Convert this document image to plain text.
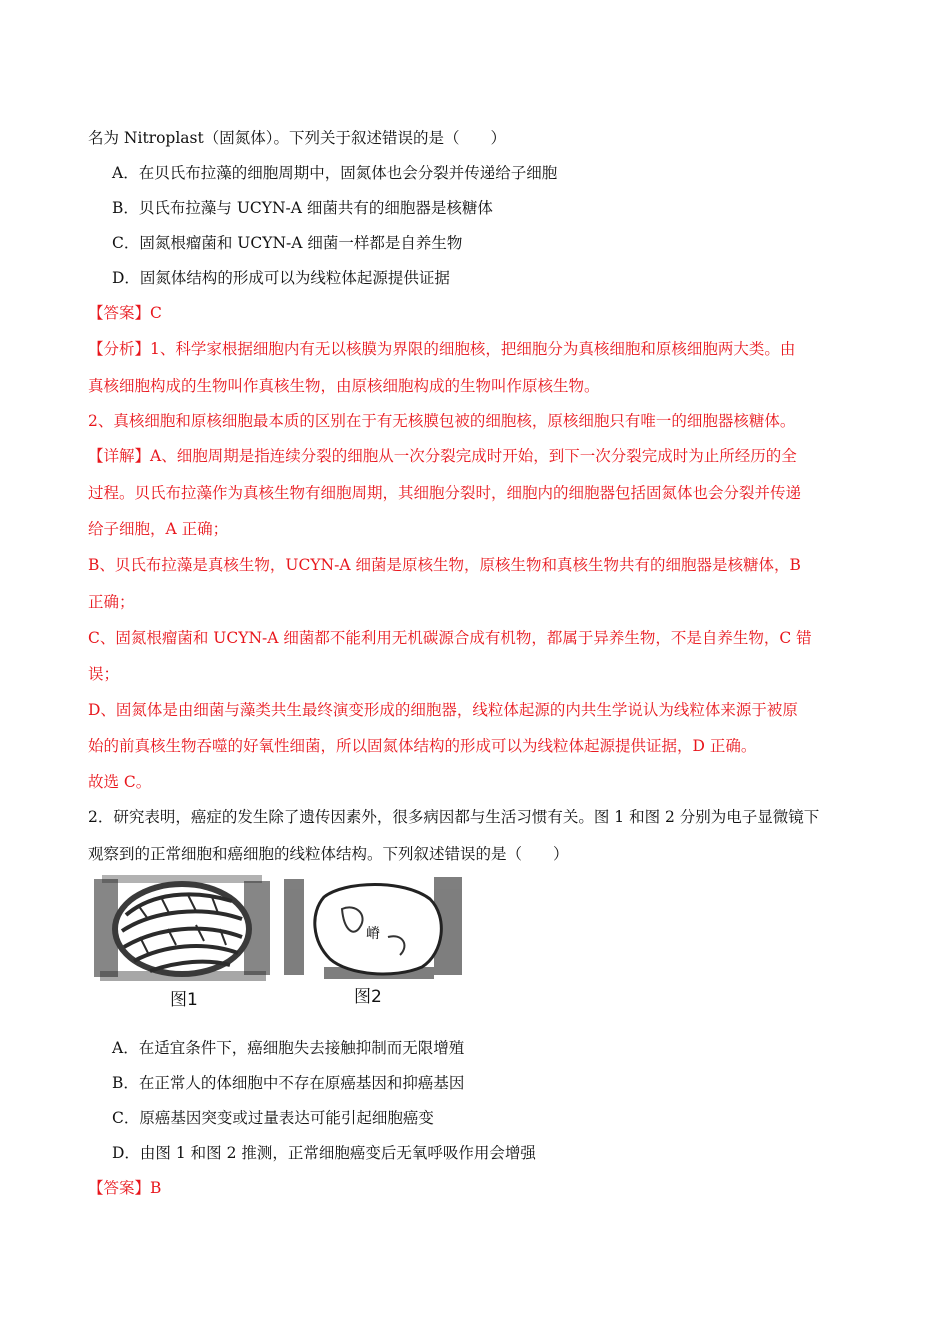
名为 Nitroplast（固氮体）。下列关于叙述错误的是（　　）
A．在贝氏布拉藻的细胞周期中，固氮体也会分裂并传递给子细胞
B．贝氏布拉藻与 UCYN-A 细菌共有的细胞器是核糖体
C．固氮根瘤菌和 UCYN-A 细菌一样都是自养生物
D．固氮体结构的形成可以为线粒体起源提供证据
【答案】C
【分析】1、科学家根据细胞内有无以核膜为界限的细胞核，把细胞分为真核细胞和原核细胞两大类。由
真核细胞构成的生物叫作真核生物，由原核细胞构成的生物叫作原核生物。
2、真核细胞和原核细胞最本质的区别在于有无核膜包被的细胞核，原核细胞只有唯一的细胞器核糖体。
【详解】A、细胞周期是指连续分裂的细胞从一次分裂完成时开始，到下一次分裂完成时为止所经历的全
过程。贝氏布拉藻作为真核生物有细胞周期，其细胞分裂时，细胞内的细胞器包括固氮体也会分裂并传递
给子细胞，A 正确；
B、贝氏布拉藻是真核生物，UCYN-A 细菌是原核生物，原核生物和真核生物共有的细胞器是核糖体，B
正确；
C、固氮根瘤菌和 UCYN-A 细菌都不能利用无机碳源合成有机物，都属于异养生物，不是自养生物，C 错
误；
D、固氮体是由细菌与藻类共生最终演变形成的细胞器，线粒体起源的内共生学说认为线粒体来源于被原
始的前真核生物吞噬的好氧性细菌，所以固氮体结构的形成可以为线粒体起源提供证据，D 正确。
故选 C。
2．研究表明，癌症的发生除了遗传因素外，很多病因都与生活习惯有关。图 1 和图 2 分别为电子显微镜下
观察到的正常细胞和癌细胞的线粒体结构。下列叙述错误的是（　　）
嵴
图1	图2
A．在适宜条件下，癌细胞失去接触抑制而无限增殖
B．在正常人的体细胞中不存在原癌基因和抑癌基因
C．原癌基因突变或过量表达可能引起细胞癌变
D．由图 1 和图 2 推测，正常细胞癌变后无氧呼吸作用会增强
【答案】B
